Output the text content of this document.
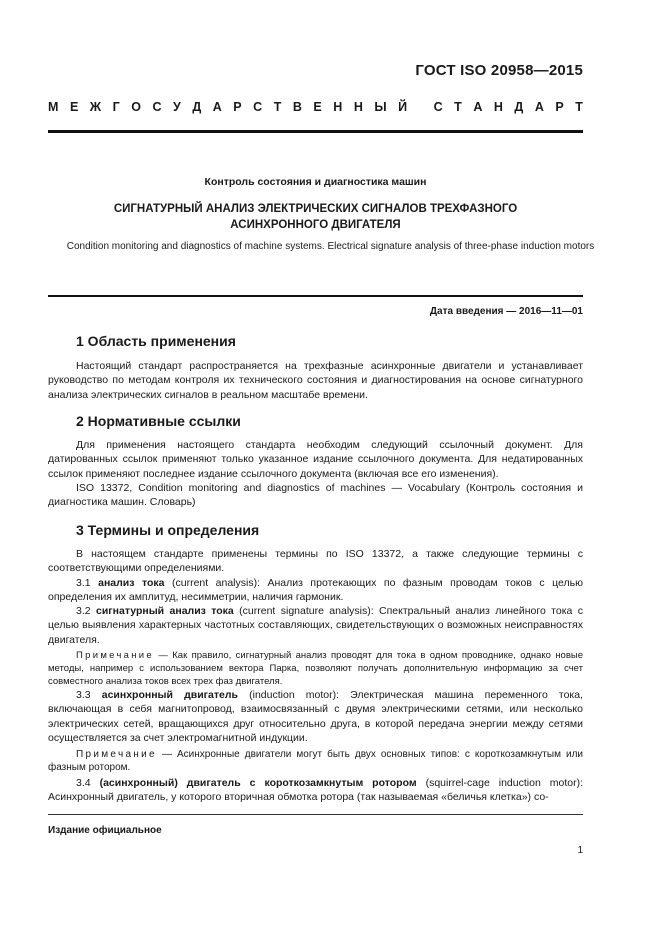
ГОСТ ISO 20958—2015
М Е Ж Г О С У Д А Р С Т В Е Н Н Ы Й
С Т А Н Д А Р Т
Контроль состояния и диагностика машин
СИГНАТУРНЫЙ АНАЛИЗ ЭЛЕКТРИЧЕСКИХ СИГНАЛОВ ТРЕХФАЗНОГО
АСИНХРОННОГО ДВИГАТЕЛЯ
Condition monitoring and diagnostics of machine systems. Electrical signature analysis of three-phase induction motors
Дата введения — 2016—11—01
1 Область применения

Настоящий стандарт распространяется на трехфазные асинхронные двигатели и устанавливает руководство по методам контроля их технического состояния и диагностирования на основе сигнатурного анализа электрических сигналов в реальном масштабе времени.

2 Нормативные ссылки

Для применения настоящего стандарта необходим следующий ссылочный документ. Для датированных ссылок применяют только указанное издание ссылочного документа. Для недатированных ссылок применяют последнее издание ссылочного документа (включая все его изменения).

ISO 13372, Condition monitoring and diagnostics of machines — Vocabulary (Контроль состояния и диагностика машин. Словарь)

3 Термины и определения

В настоящем стандарте применены термины по ISO 13372, а также следующие термины с соответствующими определениями.

3.1 анализ тока (current analysis): Анализ протекающих по фазным проводам токов с целью определения их амплитуд, несимметрии, наличия гармоник.

3.2 сигнатурный анализ тока (current signature analysis): Спектральный анализ линейного тока с целью выявления характерных частотных составляющих, свидетельствующих о возможных неисправностях двигателя.

Примечание — Как правило, сигнатурный анализ проводят для тока в одном проводнике, однако новые методы, например с использованием вектора Парка, позволяют получать дополнительную информацию за счет совместного анализа токов всех трех фаз двигателя.

3.3 асинхронный двигатель (induction motor): Электрическая машина переменного тока, включающая в себя магнитопровод, взаимосвязанный с двумя электрическими сетями, или несколько электрических сетей, вращающихся друг относительно друга, в которой передача энергии между сетями осуществляется за счет электромагнитной индукции.

Примечание — Асинхронные двигатели могут быть двух основных типов: с короткозамкнутым или фазным ротором.

3.4 (асинхронный) двигатель с короткозамкнутым ротором (squirrel-cage induction motor): Асинхронный двигатель, у которого вторичная обмотка ротора (так называемая «беличья клетка») со-

Издание официальное
1
